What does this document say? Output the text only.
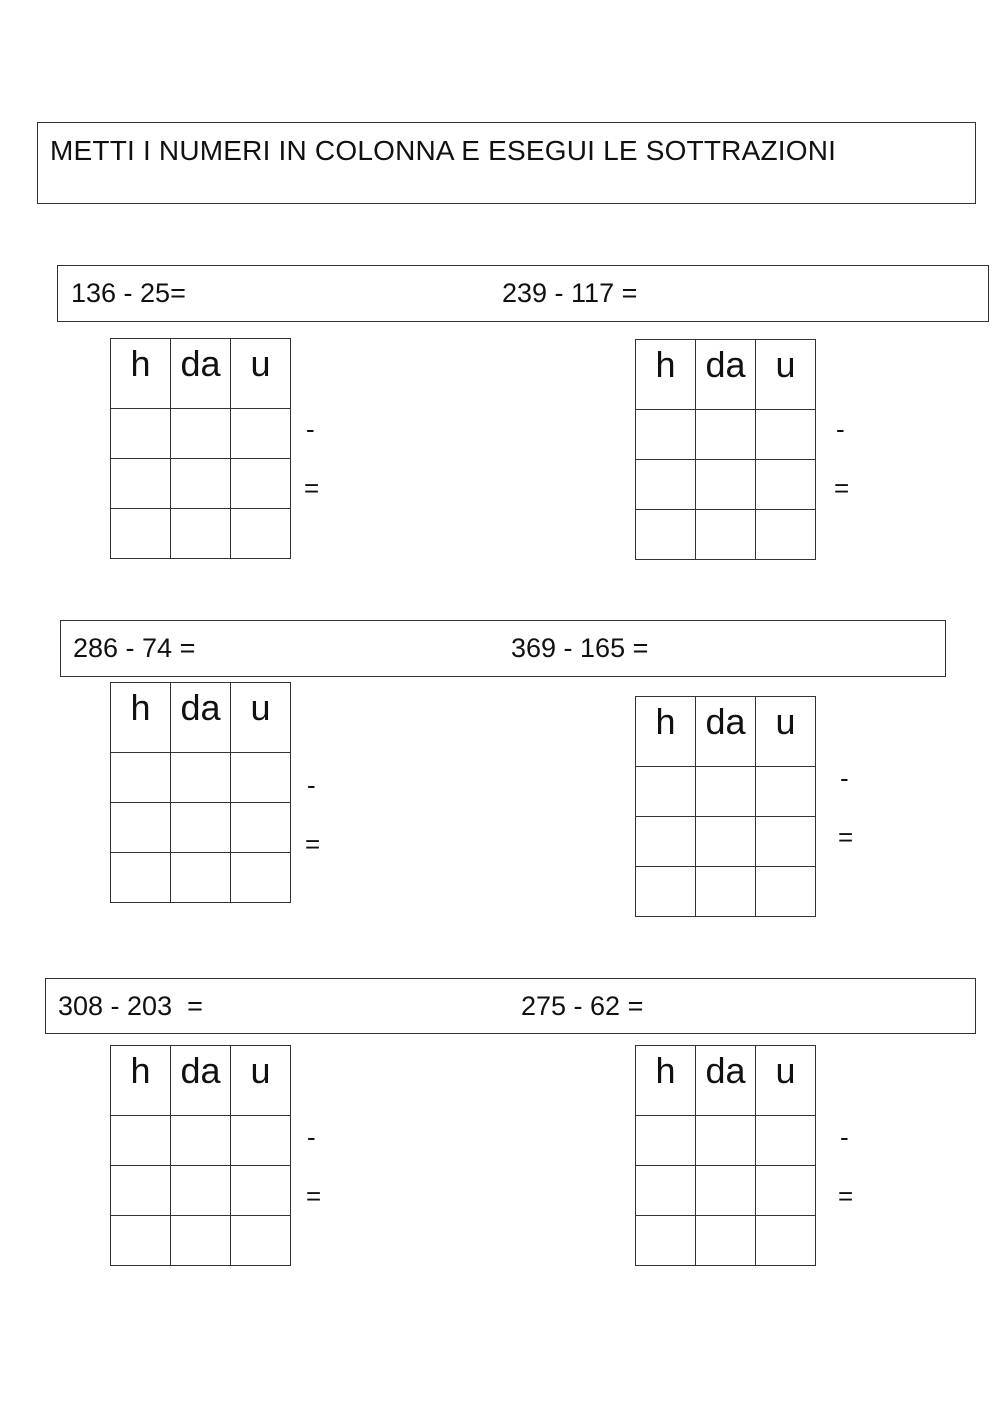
METTI I NUMERI IN COLONNA E ESEGUI LE SOTTRAZIONI
136 - 25=	239 - 117 =
h	da	u

-
=
h	da	u

-
=
286 - 74 =	369 - 165 =
h	da	u

-
=
h	da	u

-
=
308 - 203  =	275 - 62 =
h	da	u

-
=
h	da	u

-
=
